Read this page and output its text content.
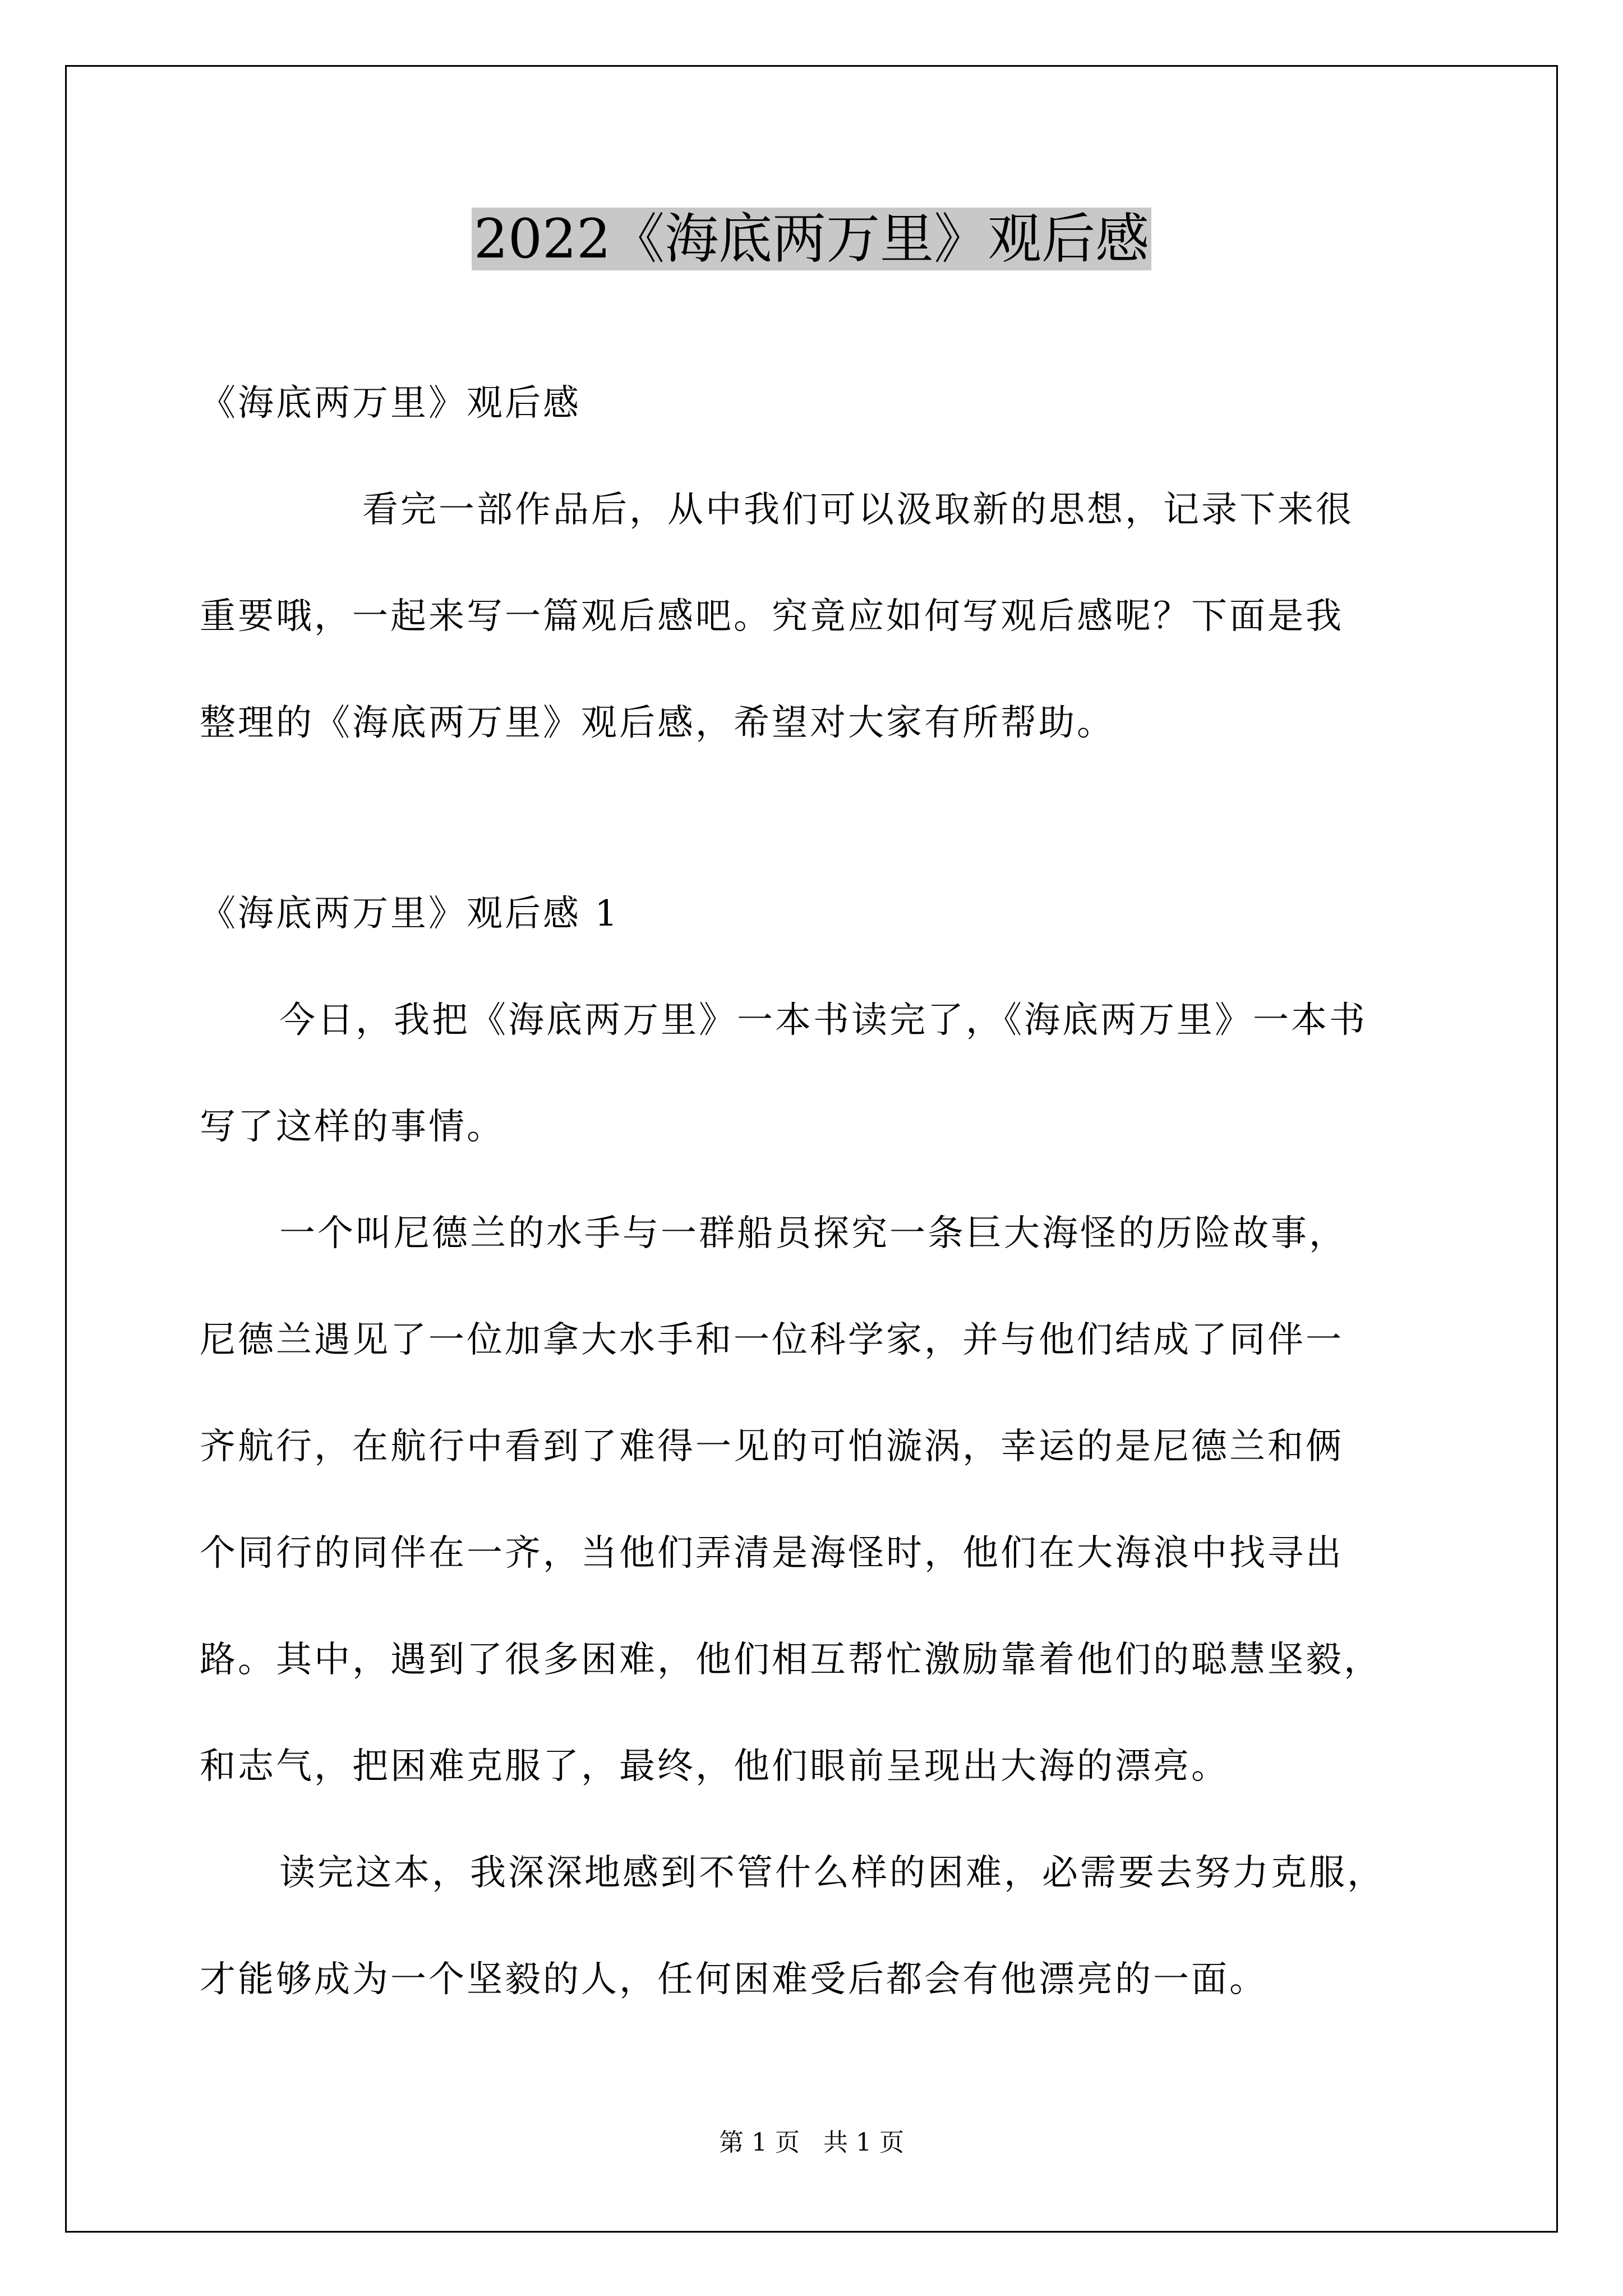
2022《海底两万里》观后感

《海底两万里》观后感

看完一部作品后，从中我们可以汲取新的思想，记录下来很
重要哦，一起来写一篇观后感吧。究竟应如何写观后感呢？下面是我
整理的《海底两万里》观后感，希望对大家有所帮助。

《海底两万里》观后感 1

今日，我把《海底两万里》一本书读完了，《海底两万里》一本书
写了这样的事情。

一个叫尼德兰的水手与一群船员探究一条巨大海怪的历险故事，
尼德兰遇见了一位加拿大水手和一位科学家，并与他们结成了同伴一
齐航行，在航行中看到了难得一见的可怕漩涡，幸运的是尼德兰和俩
个同行的同伴在一齐，当他们弄清是海怪时，他们在大海浪中找寻出
路。其中，遇到了很多困难，他们相互帮忙激励靠着他们的聪慧坚毅，
和志气，把困难克服了，最终，他们眼前呈现出大海的漂亮。

读完这本，我深深地感到不管什么样的困难，必需要去努力克服，
才能够成为一个坚毅的人，任何困难受后都会有他漂亮的一面。

第 1 页   共 1 页
